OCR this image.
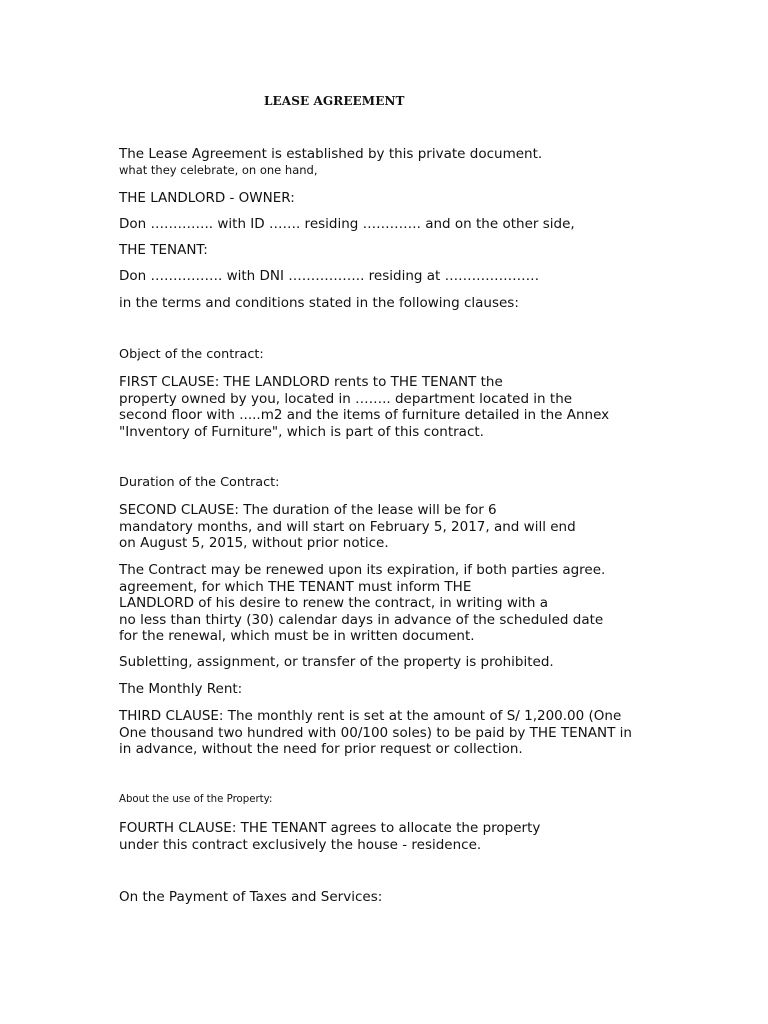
LEASE AGREEMENT
The Lease Agreement is established by this private document.
what they celebrate, on one hand,
THE LANDLORD - OWNER:
Don ………….. with ID ……. residing …………. and on the other side,
THE TENANT:
Don ……………. with DNI …………….. residing at …………………
in the terms and conditions stated in the following clauses:
Object of the contract:
FIRST CLAUSE: THE LANDLORD rents to THE TENANT the
property owned by you, located in …….. department located in the
second floor with .....m2 and the items of furniture detailed in the Annex
"Inventory of Furniture", which is part of this contract.
Duration of the Contract:
SECOND CLAUSE: The duration of the lease will be for 6
mandatory months, and will start on February 5, 2017, and will end
on August 5, 2015, without prior notice.
The Contract may be renewed upon its expiration, if both parties agree.
agreement, for which THE TENANT must inform THE
LANDLORD of his desire to renew the contract, in writing with a
no less than thirty (30) calendar days in advance of the scheduled date
for the renewal, which must be in written document.
Subletting, assignment, or transfer of the property is prohibited.
The Monthly Rent:
THIRD CLAUSE: The monthly rent is set at the amount of S/ 1,200.00 (One
One thousand two hundred with 00/100 soles) to be paid by THE TENANT in
in advance, without the need for prior request or collection.
About the use of the Property:
FOURTH CLAUSE: THE TENANT agrees to allocate the property
under this contract exclusively the house - residence.
On the Payment of Taxes and Services:
